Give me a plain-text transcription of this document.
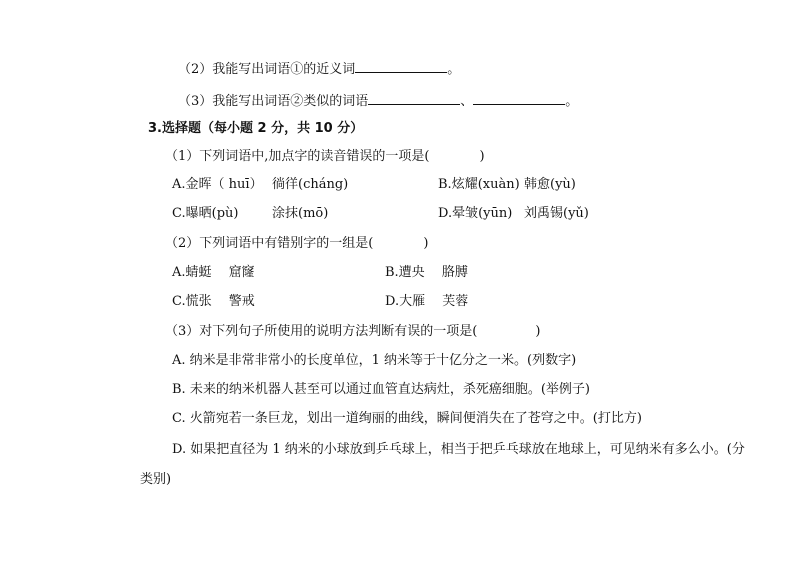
（2）我能写出词语①的近义词	。
（3）我能写出词语②类似的词语	、	。
3.选择题（每小题 2 分，共 10 分）
（1）下列词语中,加点字的读音错误的一项是(	)
A.金晖（ huī） 徜徉(cháng)	B.炫耀(xuàn) 韩愈(yù)
C.曝晒(pù)	涂抹(mō)	D.晕皱(yūn) 刘禹锡(yǔ)
（2）下列词语中有错别字的一组是(	)
A.蜻蜓　 窟窿	B.遭央　 胳膊
C.慌张　 警戒	D.大雁　 芙蓉
（3）对下列句子所使用的说明方法判断有误的一项是(	)
A. 纳米是非常非常小的长度单位，1 纳米等于十亿分之一米。(列数字)
B. 未来的纳米机器人甚至可以通过血管直达病灶，杀死癌细胞。(举例子)
C. 火箭宛若一条巨龙，划出一道绚丽的曲线，瞬间便消失在了苍穹之中。(打比方)
D. 如果把直径为 1 纳米的小球放到乒乓球上，相当于把乒乓球放在地球上，可见纳米有多么小。(分
类别)
